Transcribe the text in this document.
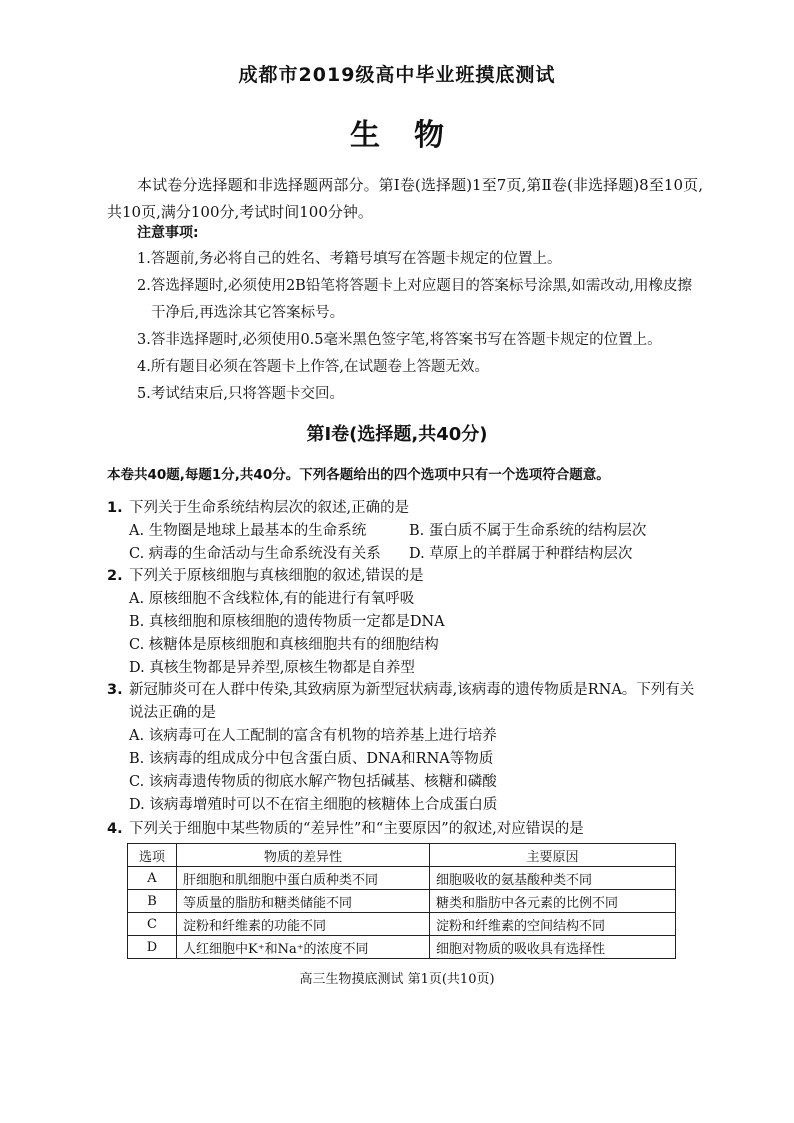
成都市2019级高中毕业班摸底测试
生物

本试卷分选择题和非选择题两部分。第Ⅰ卷(选择题)1至7页,第Ⅱ卷(非选择题)8至10页,共10页,满分100分,考试时间100分钟。

注意事项:
1.答题前,务必将自己的姓名、考籍号填写在答题卡规定的位置上。
2.答选择题时,必须使用2B铅笔将答题卡上对应题目的答案标号涂黑,如需改动,用橡皮擦干净后,再选涂其它答案标号。
3.答非选择题时,必须使用0.5毫米黑色签字笔,将答案书写在答题卡规定的位置上。
4.所有题目必须在答题卡上作答,在试题卷上答题无效。
5.考试结束后,只将答题卡交回。
第Ⅰ卷(选择题,共40分)
本卷共40题,每题1分,共40分。下列各题给出的四个选项中只有一个选项符合题意。
1. 下列关于生命系统结构层次的叙述,正确的是
A. 生物圈是地球上最基本的生命系统	B. 蛋白质不属于生命系统的结构层次
C. 病毒的生命活动与生命系统没有关系	D. 草原上的羊群属于种群结构层次
2. 下列关于原核细胞与真核细胞的叙述,错误的是
A. 原核细胞不含线粒体,有的能进行有氧呼吸
B. 真核细胞和原核细胞的遗传物质一定都是DNA
C. 核糖体是原核细胞和真核细胞共有的细胞结构
D. 真核生物都是异养型,原核生物都是自养型
3. 新冠肺炎可在人群中传染,其致病原为新型冠状病毒,该病毒的遗传物质是RNA。下列有关说法正确的是
A. 该病毒可在人工配制的富含有机物的培养基上进行培养
B. 该病毒的组成成分中包含蛋白质、DNA和RNA等物质
C. 该病毒遗传物质的彻底水解产物包括碱基、核糖和磷酸
D. 该病毒增殖时可以不在宿主细胞的核糖体上合成蛋白质
4. 下列关于细胞中某些物质的“差异性”和“主要原因”的叙述,对应错误的是
选项	物质的差异性	主要原因
A	肝细胞和肌细胞中蛋白质种类不同	细胞吸收的氨基酸种类不同
B	等质量的脂肪和糖类储能不同	糖类和脂肪中各元素的比例不同
C	淀粉和纤维素的功能不同	淀粉和纤维素的空间结构不同
D	人红细胞中K⁺和Na⁺的浓度不同	细胞对物质的吸收具有选择性
高三生物摸底测试 第1页(共10页)
